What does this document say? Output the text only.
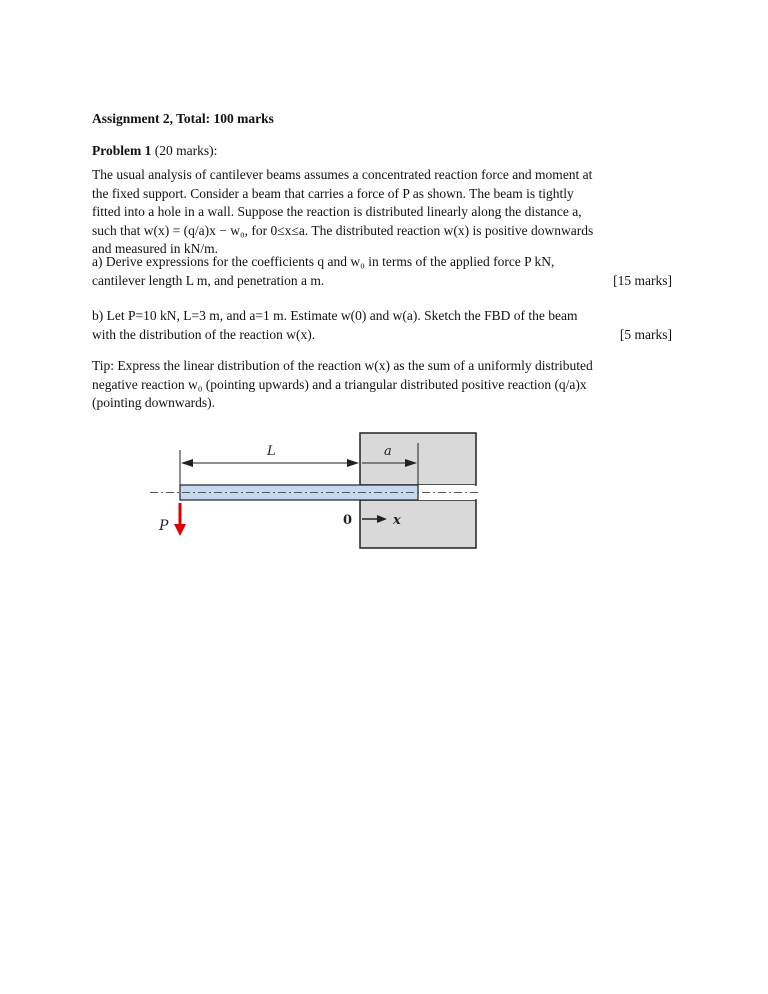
Assignment 2, Total: 100 marks
Problem 1 (20 marks):
The usual analysis of cantilever beams assumes a concentrated reaction force and moment at
the fixed support. Consider a beam that carries a force of P as shown. The beam is tightly
fitted into a hole in a wall. Suppose the reaction is distributed linearly along the distance a,
such that w(x) = (q/a)x − w₀, for 0≤x≤a. The distributed reaction w(x) is positive downwards
and measured in kN/m.
a) Derive expressions for the coefficients q and w₀ in terms of the applied force P kN,
cantilever length L m, and penetration a m.	[15 marks]
b) Let P=10 kN, L=3 m, and a=1 m. Estimate w(0) and w(a). Sketch the FBD of the beam
with the distribution of the reaction w(x).	[5 marks]
Tip: Express the linear distribution of the reaction w(x) as the sum of a uniformly distributed
negative reaction w₀ (pointing upwards) and a triangular distributed positive reaction (q/a)x
(pointing downwards).
L	a
P	0	x
